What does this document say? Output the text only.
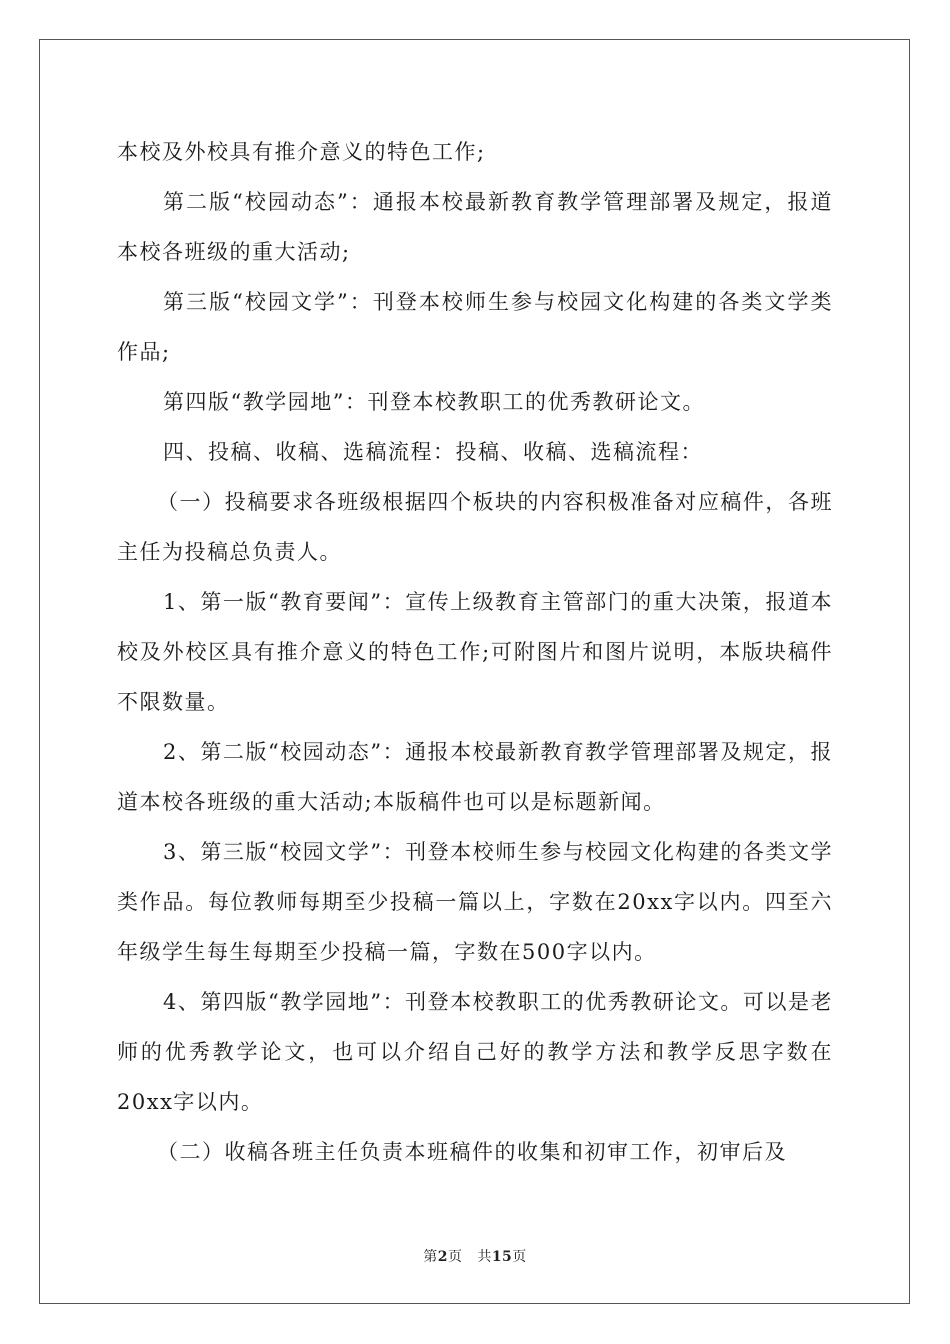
本校及外校具有推介意义的特色工作;

第二版“校园动态”：通报本校最新教育教学管理部署及规定，报道本校各班级的重大活动;

第三版“校园文学”：刊登本校师生参与校园文化构建的各类文学类作品;

第四版“教学园地”：刊登本校教职工的优秀教研论文。

四、投稿、收稿、选稿流程：投稿、收稿、选稿流程：

（一）投稿要求各班级根据四个板块的内容积极准备对应稿件，各班主任为投稿总负责人。

1、第一版“教育要闻”：宣传上级教育主管部门的重大决策，报道本校及外校区具有推介意义的特色工作;可附图片和图片说明，本版块稿件不限数量。

2、第二版“校园动态”：通报本校最新教育教学管理部署及规定，报道本校各班级的重大活动;本版稿件也可以是标题新闻。

3、第三版“校园文学”：刊登本校师生参与校园文化构建的各类文学类作品。每位教师每期至少投稿一篇以上，字数在20xx字以内。四至六年级学生每生每期至少投稿一篇，字数在500字以内。

4、第四版“教学园地”：刊登本校教职工的优秀教研论文。可以是老师的优秀教学论文，也可以介绍自己好的教学方法和教学反思字数在20xx字以内。

（二）收稿各班主任负责本班稿件的收集和初审工作，初审后及

第2页 共15页
